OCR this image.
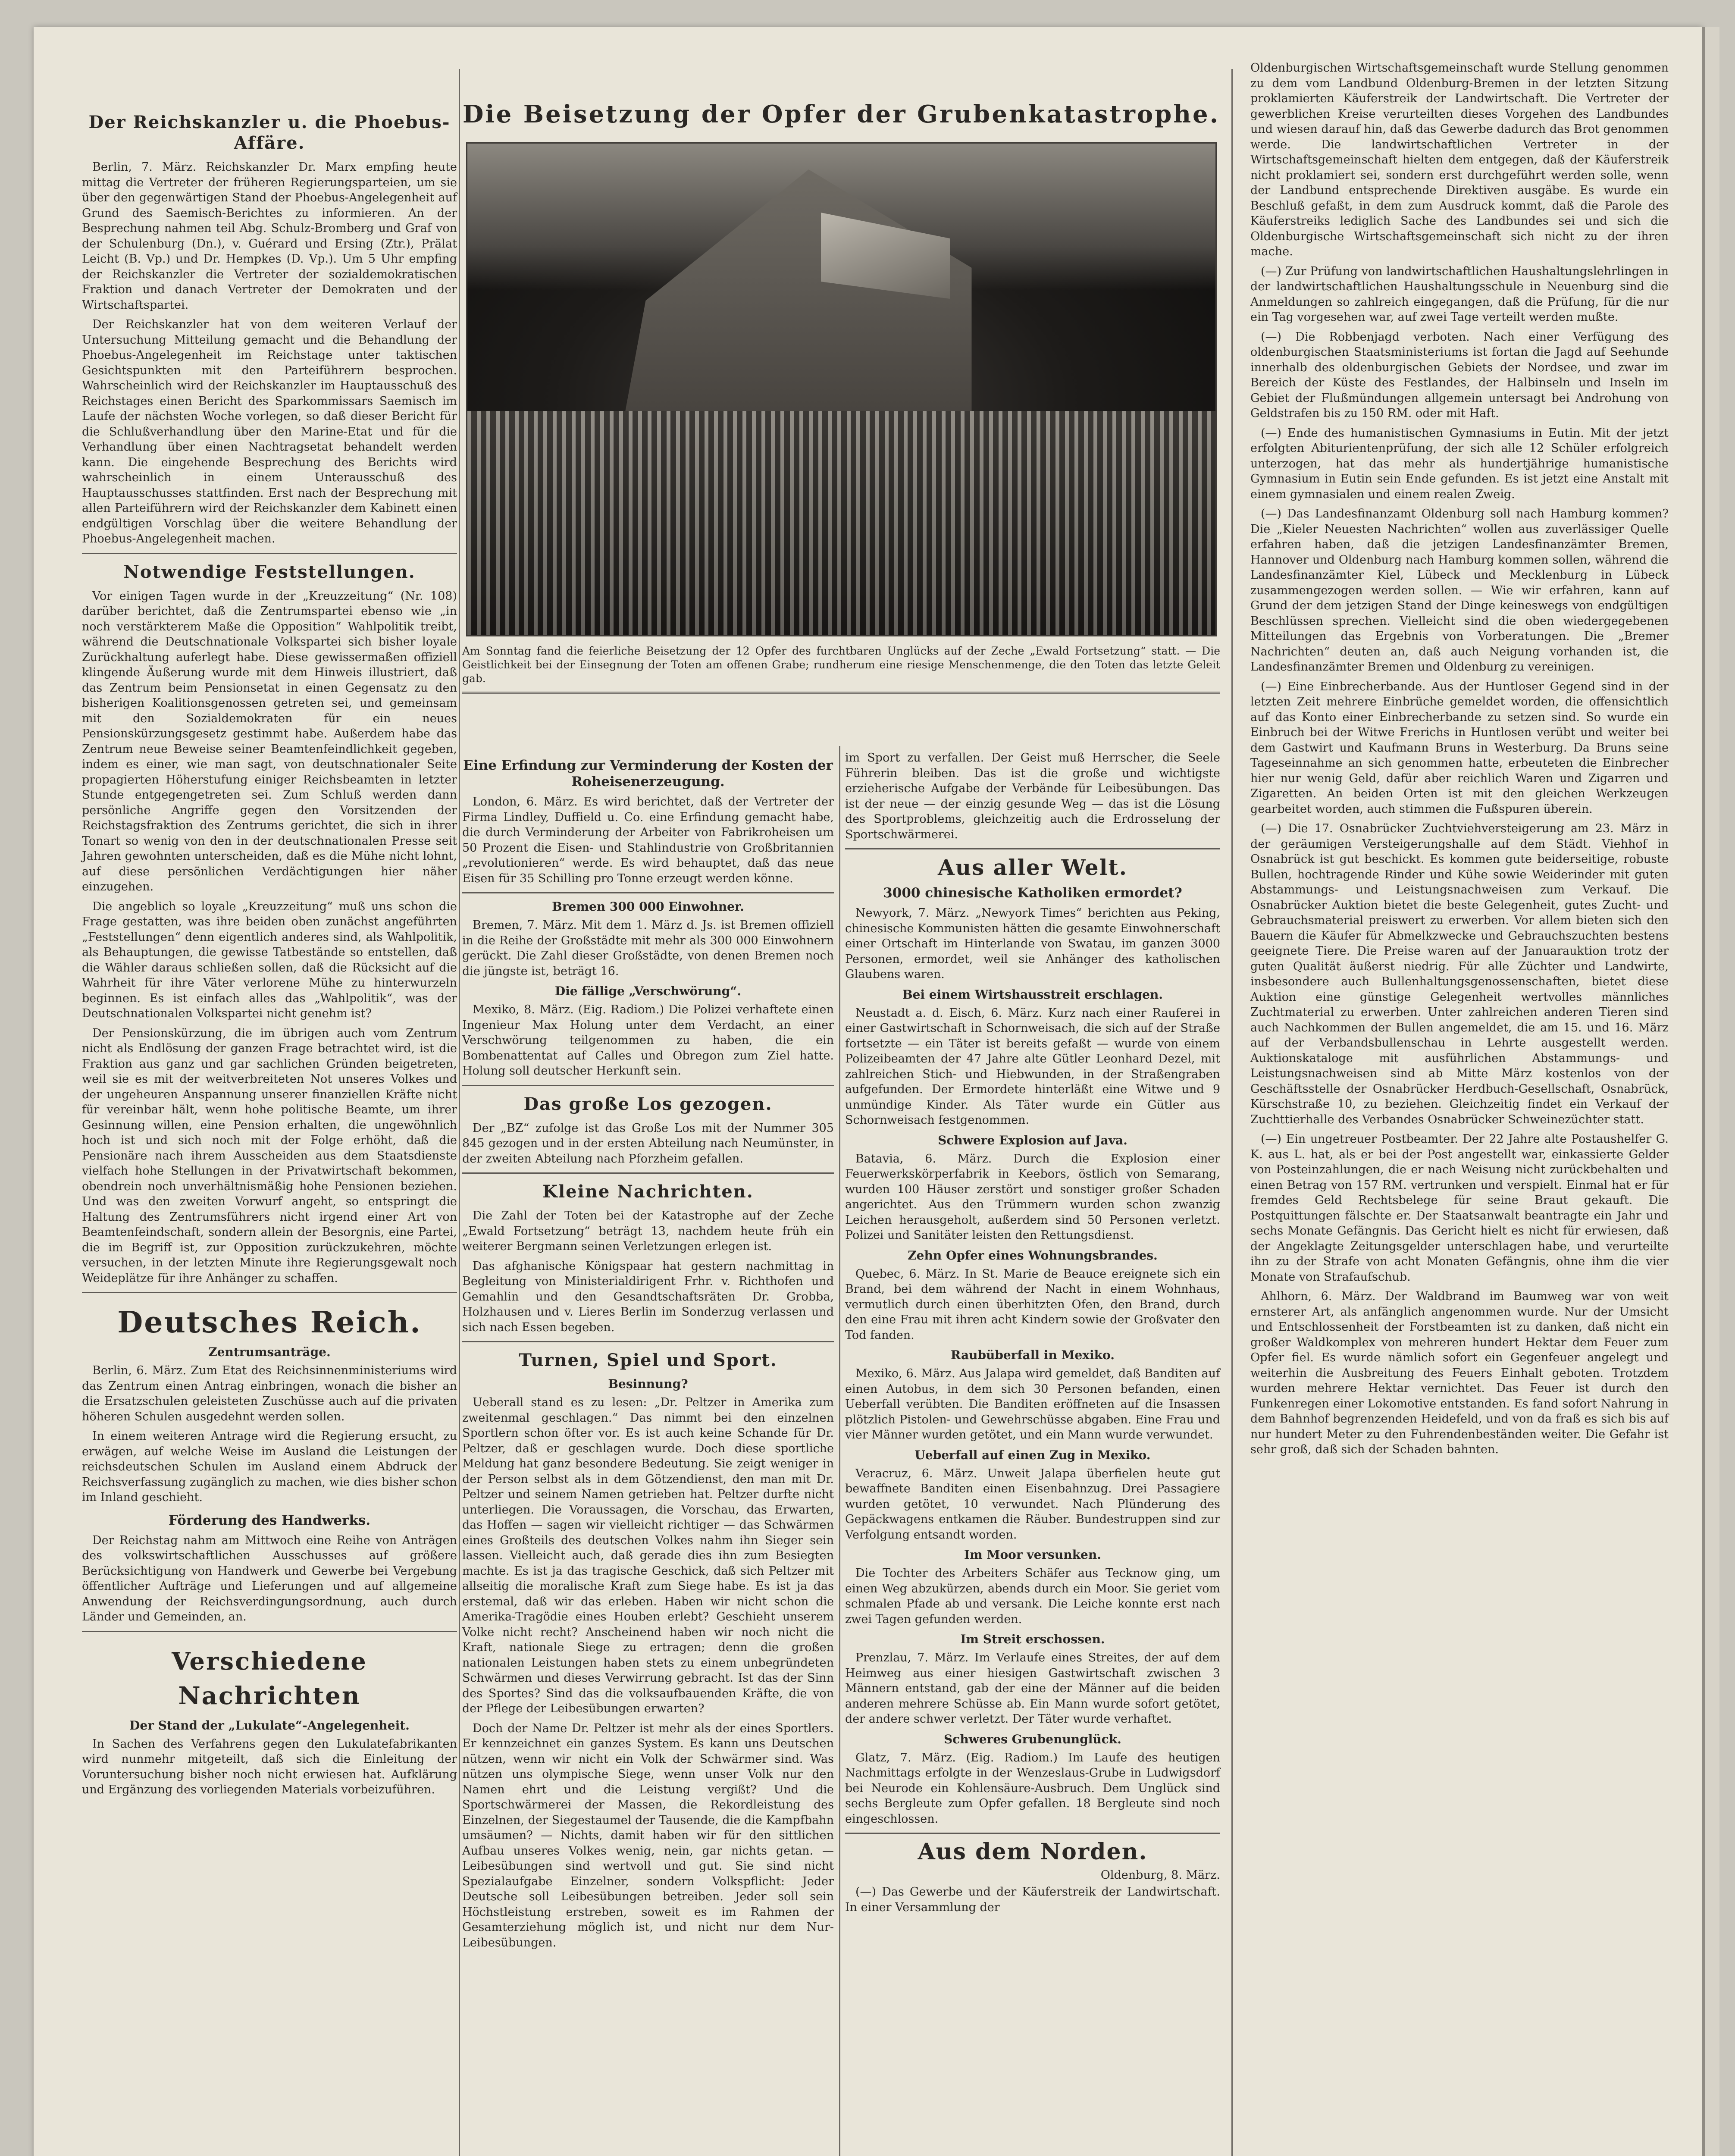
Der Reichskanzler u. die Phoebus-Affäre.

Berlin, 7. März. Reichskanzler Dr. Marx empfing heute mittag die Vertreter der früheren Regierungsparteien, um sie über den gegenwärtigen Stand der Phoebus-Angelegenheit auf Grund des Saemisch-Berichtes zu informieren. An der Besprechung nahmen teil Abg. Schulz-Bromberg und Graf von der Schulenburg (Dn.), v. Guérard und Ersing (Ztr.), Prälat Leicht (B. Vp.) und Dr. Hempkes (D. Vp.). Um 5 Uhr empfing der Reichskanzler die Vertreter der sozialdemokratischen Fraktion und danach Vertreter der Demokraten und der Wirtschaftspartei.

Der Reichskanzler hat von dem weiteren Verlauf der Untersuchung Mitteilung gemacht und die Behandlung der Phoebus-Angelegenheit im Reichstage unter taktischen Gesichtspunkten mit den Parteiführern besprochen. Wahrscheinlich wird der Reichskanzler im Hauptausschuß des Reichstages einen Bericht des Sparkommissars Saemisch im Laufe der nächsten Woche vorlegen, so daß dieser Bericht für die Schlußverhandlung über den Marine-Etat und für die Verhandlung über einen Nachtragsetat behandelt werden kann. Die eingehende Besprechung des Berichts wird wahrscheinlich in einem Unterausschuß des Hauptausschusses stattfinden. Erst nach der Besprechung mit allen Parteiführern wird der Reichskanzler dem Kabinett einen endgültigen Vorschlag über die weitere Behandlung der Phoebus-Angelegenheit machen.

Notwendige Feststellungen.

Vor einigen Tagen wurde in der „Kreuzzeitung“ (Nr. 108) darüber berichtet, daß die Zentrumspartei ebenso wie „in noch verstärkterem Maße die Opposition“ Wahlpolitik treibt, während die Deutschnationale Volkspartei sich bisher loyale Zurückhaltung auferlegt habe. Diese gewissermaßen offiziell klingende Äußerung wurde mit dem Hinweis illustriert, daß das Zentrum beim Pensionsetat in einen Gegensatz zu den bisherigen Koalitionsgenossen getreten sei, und gemeinsam mit den Sozialdemokraten für ein neues Pensionskürzungsgesetz gestimmt habe. Außerdem habe das Zentrum neue Beweise seiner Beamtenfeindlichkeit gegeben, indem es einer, wie man sagt, von deutschnationaler Seite propagierten Höherstufung einiger Reichsbeamten in letzter Stunde entgegengetreten sei. Zum Schluß werden dann persönliche Angriffe gegen den Vorsitzenden der Reichstagsfraktion des Zentrums gerichtet, die sich in ihrer Tonart so wenig von den in der deutschnationalen Presse seit Jahren gewohnten unterscheiden, daß es die Mühe nicht lohnt, auf diese persönlichen Verdächtigungen hier näher einzugehen.

Die angeblich so loyale „Kreuzzeitung“ muß uns schon die Frage gestatten, was ihre beiden oben zunächst angeführten „Feststellungen“ denn eigentlich anderes sind, als Wahlpolitik, als Behauptungen, die gewisse Tatbestände so entstellen, daß die Wähler daraus schließen sollen, daß die Rücksicht auf die Wahrheit für ihre Väter verlorene Mühe zu hinterwurzeln beginnen. Es ist einfach alles das „Wahlpolitik“, was der Deutschnationalen Volkspartei nicht genehm ist?

Der Pensionskürzung, die im übrigen auch vom Zentrum nicht als Endlösung der ganzen Frage betrachtet wird, ist die Fraktion aus ganz und gar sachlichen Gründen beigetreten, weil sie es mit der weitverbreiteten Not unseres Volkes und der ungeheuren Anspannung unserer finanziellen Kräfte nicht für vereinbar hält, wenn hohe politische Beamte, um ihrer Gesinnung willen, eine Pension erhalten, die ungewöhnlich hoch ist und sich noch mit der Folge erhöht, daß die Pensionäre nach ihrem Ausscheiden aus dem Staatsdienste vielfach hohe Stellungen in der Privatwirtschaft bekommen, obendrein noch unverhältnismäßig hohe Pensionen beziehen. Und was den zweiten Vorwurf angeht, so entspringt die Haltung des Zentrumsführers nicht irgend einer Art von Beamtenfeindschaft, sondern allein der Besorgnis, eine Partei, die im Begriff ist, zur Opposition zurückzukehren, möchte versuchen, in der letzten Minute ihre Regierungsgewalt noch Weideplätze für ihre Anhänger zu schaffen.

Deutsches Reich.
Zentrumsanträge.

Berlin, 6. März. Zum Etat des Reichsinnenministeriums wird das Zentrum einen Antrag einbringen, wonach die bisher an die Ersatzschulen geleisteten Zuschüsse auch auf die privaten höheren Schulen ausgedehnt werden sollen.

In einem weiteren Antrage wird die Regierung ersucht, zu erwägen, auf welche Weise im Ausland die Leistungen der reichsdeutschen Schulen im Ausland einem Abdruck der Reichsverfassung zugänglich zu machen, wie dies bisher schon im Inland geschieht.

Förderung des Handwerks.

Der Reichstag nahm am Mittwoch eine Reihe von Anträgen des volkswirtschaftlichen Ausschusses auf größere Berücksichtigung von Handwerk und Gewerbe bei Vergebung öffentlicher Aufträge und Lieferungen und auf allgemeine Anwendung der Reichsverdingungsordnung, auch durch Länder und Gemeinden, an.

Verschiedene Nachrichten
Der Stand der „Lukulate“-Angelegenheit.

In Sachen des Verfahrens gegen den Lukulatefabrikanten wird nunmehr mitgeteilt, daß sich die Einleitung der Voruntersuchung bisher noch nicht erwiesen hat. Aufklärung und Ergänzung des vorliegenden Materials vorbeizuführen.

Die Beisetzung der Opfer der Grubenkatastrophe.
Am Sonntag fand die feierliche Beisetzung der 12 Opfer des furchtbaren Unglücks auf der Zeche „Ewald Fortsetzung“ statt. — Die Geistlichkeit bei der Einsegnung der Toten am offenen Grabe; rundherum eine riesige Menschenmenge, die den Toten das letzte Geleit gab.
Eine Erfindung zur Verminderung der Kosten der Roheisenerzeugung.

London, 6. März. Es wird berichtet, daß der Vertreter der Firma Lindley, Duffield u. Co. eine Erfindung gemacht habe, die durch Verminderung der Arbeiter von Fabrikroheisen um 50 Prozent die Eisen- und Stahlindustrie von Großbritannien „revolutionieren“ werde. Es wird behauptet, daß das neue Eisen für 35 Schilling pro Tonne erzeugt werden könne.

Bremen 300 000 Einwohner.

Bremen, 7. März. Mit dem 1. März d. Js. ist Bremen offiziell in die Reihe der Großstädte mit mehr als 300 000 Einwohnern gerückt. Die Zahl dieser Großstädte, von denen Bremen noch die jüngste ist, beträgt 16.

Die fällige „Verschwörung“.

Mexiko, 8. März. (Eig. Radiom.) Die Polizei verhaftete einen Ingenieur Max Holung unter dem Verdacht, an einer Verschwörung teilgenommen zu haben, die ein Bombenattentat auf Calles und Obregon zum Ziel hatte. Holung soll deutscher Herkunft sein.

Das große Los gezogen.

Der „BZ“ zufolge ist das Große Los mit der Nummer 305 845 gezogen und in der ersten Abteilung nach Neumünster, in der zweiten Abteilung nach Pforzheim gefallen.

Kleine Nachrichten.

Die Zahl der Toten bei der Katastrophe auf der Zeche „Ewald Fortsetzung“ beträgt 13, nachdem heute früh ein weiterer Bergmann seinen Verletzungen erlegen ist.

Das afghanische Königspaar hat gestern nachmittag in Begleitung von Ministerialdirigent Frhr. v. Richthofen und Gemahlin und den Gesandtschaftsräten Dr. Grobba, Holzhausen und v. Lieres Berlin im Sonderzug verlassen und sich nach Essen begeben.

Turnen, Spiel und Sport.
Besinnung?

Ueberall stand es zu lesen: „Dr. Peltzer in Amerika zum zweitenmal geschlagen.“ Das nimmt bei den einzelnen Sportlern schon öfter vor. Es ist auch keine Schande für Dr. Peltzer, daß er geschlagen wurde. Doch diese sportliche Meldung hat ganz besondere Bedeutung. Sie zeigt weniger in der Person selbst als in dem Götzendienst, den man mit Dr. Peltzer und seinem Namen getrieben hat. Peltzer durfte nicht unterliegen. Die Voraussagen, die Vorschau, das Erwarten, das Hoffen — sagen wir vielleicht richtiger — das Schwärmen eines Großteils des deutschen Volkes nahm ihn Sieger sein lassen. Vielleicht auch, daß gerade dies ihn zum Besiegten machte. Es ist ja das tragische Geschick, daß sich Peltzer mit allseitig die moralische Kraft zum Siege habe. Es ist ja das erstemal, daß wir das erleben. Haben wir nicht schon die Amerika-Tragödie eines Houben erlebt? Geschieht unserem Volke nicht recht? Anscheinend haben wir noch nicht die Kraft, nationale Siege zu ertragen; denn die großen nationalen Leistungen haben stets zu einem unbegründeten Schwärmen und dieses Verwirrung gebracht. Ist das der Sinn des Sportes? Sind das die volksaufbauenden Kräfte, die von der Pflege der Leibesübungen erwarten?

Doch der Name Dr. Peltzer ist mehr als der eines Sportlers. Er kennzeichnet ein ganzes System. Es kann uns Deutschen nützen, wenn wir nicht ein Volk der Schwärmer sind. Was nützen uns olympische Siege, wenn unser Volk nur den Namen ehrt und die Leistung vergißt? Und die Sportschwärmerei der Massen, die Rekordleistung des Einzelnen, der Siegestaumel der Tausende, die die Kampfbahn umsäumen? — Nichts, damit haben wir für den sittlichen Aufbau unseres Volkes wenig, nein, gar nichts getan. — Leibesübungen sind wertvoll und gut. Sie sind nicht Spezialaufgabe Einzelner, sondern Volkspflicht: Jeder Deutsche soll Leibesübungen betreiben. Jeder soll sein Höchstleistung erstreben, soweit es im Rahmen der Gesamterziehung möglich ist, und nicht nur dem Nur-Leibesübungen.

im Sport zu verfallen. Der Geist muß Herrscher, die Seele Führerin bleiben. Das ist die große und wichtigste erzieherische Aufgabe der Verbände für Leibesübungen. Das ist der neue — der einzig gesunde Weg — das ist die Lösung des Sportproblems, gleichzeitig auch die Erdrosselung der Sportschwärmerei.

Aus aller Welt.
3000 chinesische Katholiken ermordet?

Newyork, 7. März. „Newyork Times“ berichten aus Peking, chinesische Kommunisten hätten die gesamte Einwohnerschaft einer Ortschaft im Hinterlande von Swatau, im ganzen 3000 Personen, ermordet, weil sie Anhänger des katholischen Glaubens waren.

Bei einem Wirtshausstreit erschlagen.

Neustadt a. d. Eisch, 6. März. Kurz nach einer Rauferei in einer Gastwirtschaft in Schornweisach, die sich auf der Straße fortsetzte — ein Täter ist bereits gefaßt — wurde von einem Polizeibeamten der 47 Jahre alte Gütler Leonhard Dezel, mit zahlreichen Stich- und Hiebwunden, in der Straßengraben aufgefunden. Der Ermordete hinterläßt eine Witwe und 9 unmündige Kinder. Als Täter wurde ein Gütler aus Schornweisach festgenommen.

Schwere Explosion auf Java.

Batavia, 6. März. Durch die Explosion einer Feuerwerkskörperfabrik in Keebors, östlich von Semarang, wurden 100 Häuser zerstört und sonstiger großer Schaden angerichtet. Aus den Trümmern wurden schon zwanzig Leichen herausgeholt, außerdem sind 50 Personen verletzt. Polizei und Sanitäter leisten den Rettungsdienst.

Zehn Opfer eines Wohnungsbrandes.

Quebec, 6. März. In St. Marie de Beauce ereignete sich ein Brand, bei dem während der Nacht in einem Wohnhaus, vermutlich durch einen überhitzten Ofen, den Brand, durch den eine Frau mit ihren acht Kindern sowie der Großvater den Tod fanden.

Raubüberfall in Mexiko.

Mexiko, 6. März. Aus Jalapa wird gemeldet, daß Banditen auf einen Autobus, in dem sich 30 Personen befanden, einen Ueberfall verübten. Die Banditen eröffneten auf die Insassen plötzlich Pistolen- und Gewehrschüsse abgaben. Eine Frau und vier Männer wurden getötet, und ein Mann wurde verwundet.

Ueberfall auf einen Zug in Mexiko.

Veracruz, 6. März. Unweit Jalapa überfielen heute gut bewaffnete Banditen einen Eisenbahnzug. Drei Passagiere wurden getötet, 10 verwundet. Nach Plünderung des Gepäckwagens entkamen die Räuber. Bundestruppen sind zur Verfolgung entsandt worden.

Im Moor versunken.

Die Tochter des Arbeiters Schäfer aus Tecknow ging, um einen Weg abzukürzen, abends durch ein Moor. Sie geriet vom schmalen Pfade ab und versank. Die Leiche konnte erst nach zwei Tagen gefunden werden.

Im Streit erschossen.

Prenzlau, 7. März. Im Verlaufe eines Streites, der auf dem Heimweg aus einer hiesigen Gastwirtschaft zwischen 3 Männern entstand, gab der eine der Männer auf die beiden anderen mehrere Schüsse ab. Ein Mann wurde sofort getötet, der andere schwer verletzt. Der Täter wurde verhaftet.

Schweres Grubenunglück.

Glatz, 7. März. (Eig. Radiom.) Im Laufe des heutigen Nachmittags erfolgte in der Wenzeslaus-Grube in Ludwigsdorf bei Neurode ein Kohlensäure-Ausbruch. Dem Unglück sind sechs Bergleute zum Opfer gefallen. 18 Bergleute sind noch eingeschlossen.

Aus dem Norden.
Oldenburg, 8. März.

(—) Das Gewerbe und der Käuferstreik der Landwirtschaft. In einer Versammlung der

Oldenburgischen Wirtschaftsgemeinschaft wurde Stellung genommen zu dem vom Landbund Oldenburg-Bremen in der letzten Sitzung proklamierten Käuferstreik der Landwirtschaft. Die Vertreter der gewerblichen Kreise verurteilten dieses Vorgehen des Landbundes und wiesen darauf hin, daß das Gewerbe dadurch das Brot genommen werde. Die landwirtschaftlichen Vertreter in der Wirtschaftsgemeinschaft hielten dem entgegen, daß der Käuferstreik nicht proklamiert sei, sondern erst durchgeführt werden solle, wenn der Landbund entsprechende Direktiven ausgäbe. Es wurde ein Beschluß gefaßt, in dem zum Ausdruck kommt, daß die Parole des Käuferstreiks lediglich Sache des Landbundes sei und sich die Oldenburgische Wirtschaftsgemeinschaft sich nicht zu der ihren mache.

(—) Zur Prüfung von landwirtschaftlichen Haushaltungslehrlingen in der landwirtschaftlichen Haushaltungsschule in Neuenburg sind die Anmeldungen so zahlreich eingegangen, daß die Prüfung, für die nur ein Tag vorgesehen war, auf zwei Tage verteilt werden mußte.

(—) Die Robbenjagd verboten. Nach einer Verfügung des oldenburgischen Staatsministeriums ist fortan die Jagd auf Seehunde innerhalb des oldenburgischen Gebiets der Nordsee, und zwar im Bereich der Küste des Festlandes, der Halbinseln und Inseln im Gebiet der Flußmündungen allgemein untersagt bei Androhung von Geldstrafen bis zu 150 RM. oder mit Haft.

(—) Ende des humanistischen Gymnasiums in Eutin. Mit der jetzt erfolgten Abiturientenprüfung, der sich alle 12 Schüler erfolgreich unterzogen, hat das mehr als hundertjährige humanistische Gymnasium in Eutin sein Ende gefunden. Es ist jetzt eine Anstalt mit einem gymnasialen und einem realen Zweig.

(—) Das Landesfinanzamt Oldenburg soll nach Hamburg kommen? Die „Kieler Neuesten Nachrichten“ wollen aus zuverlässiger Quelle erfahren haben, daß die jetzigen Landesfinanzämter Bremen, Hannover und Oldenburg nach Hamburg kommen sollen, während die Landesfinanzämter Kiel, Lübeck und Mecklenburg in Lübeck zusammengezogen werden sollen. — Wie wir erfahren, kann auf Grund der dem jetzigen Stand der Dinge keineswegs von endgültigen Beschlüssen sprechen. Vielleicht sind die oben wiedergegebenen Mitteilungen das Ergebnis von Vorberatungen. Die „Bremer Nachrichten“ deuten an, daß auch Neigung vorhanden ist, die Landesfinanzämter Bremen und Oldenburg zu vereinigen.

(—) Eine Einbrecherbande. Aus der Huntloser Gegend sind in der letzten Zeit mehrere Einbrüche gemeldet worden, die offensichtlich auf das Konto einer Einbrecherbande zu setzen sind. So wurde ein Einbruch bei der Witwe Frerichs in Huntlosen verübt und weiter bei dem Gastwirt und Kaufmann Bruns in Westerburg. Da Bruns seine Tageseinnahme an sich genommen hatte, erbeuteten die Einbrecher hier nur wenig Geld, dafür aber reichlich Waren und Zigarren und Zigaretten. An beiden Orten ist mit den gleichen Werkzeugen gearbeitet worden, auch stimmen die Fußspuren überein.

(—) Die 17. Osnabrücker Zuchtviehversteigerung am 23. März in der geräumigen Versteigerungshalle auf dem Städt. Viehhof in Osnabrück ist gut beschickt. Es kommen gute beiderseitige, robuste Bullen, hochtragende Rinder und Kühe sowie Weiderinder mit guten Abstammungs- und Leistungsnachweisen zum Verkauf. Die Osnabrücker Auktion bietet die beste Gelegenheit, gutes Zucht- und Gebrauchsmaterial preiswert zu erwerben. Vor allem bieten sich den Bauern die Käufer für Abmelkzwecke und Gebrauchszuchten bestens geeignete Tiere. Die Preise waren auf der Januarauktion trotz der guten Qualität äußerst niedrig. Für alle Züchter und Landwirte, insbesondere auch Bullenhaltungsgenossenschaften, bietet diese Auktion eine günstige Gelegenheit wertvolles männliches Zuchtmaterial zu erwerben. Unter zahlreichen anderen Tieren sind auch Nachkommen der Bullen angemeldet, die am 15. und 16. März auf der Verbandsbullenschau in Lehrte ausgestellt werden. Auktionskataloge mit ausführlichen Abstammungs- und Leistungsnachweisen sind ab Mitte März kostenlos von der Geschäftsstelle der Osnabrücker Herdbuch-Gesellschaft, Osnabrück, Kürschstraße 10, zu beziehen. Gleichzeitig findet ein Verkauf der Zuchttierhalle des Verbandes Osnabrücker Schweinezüchter statt.

(—) Ein ungetreuer Postbeamter. Der 22 Jahre alte Postaushelfer G. K. aus L. hat, als er bei der Post angestellt war, einkassierte Gelder von Posteinzahlungen, die er nach Weisung nicht zurückbehalten und einen Betrag von 157 RM. vertrunken und verspielt. Einmal hat er für fremdes Geld Rechtsbelege für seine Braut gekauft. Die Postquittungen fälschte er. Der Staatsanwalt beantragte ein Jahr und sechs Monate Gefängnis. Das Gericht hielt es nicht für erwiesen, daß der Angeklagte Zeitungsgelder unterschlagen habe, und verurteilte ihn zu der Strafe von acht Monaten Gefängnis, ohne ihm die vier Monate von Strafaufschub.

Ahlhorn, 6. März. Der Waldbrand im Baumweg war von weit ernsterer Art, als anfänglich angenommen wurde. Nur der Umsicht und Entschlossenheit der Forstbeamten ist zu danken, daß nicht ein großer Waldkomplex von mehreren hundert Hektar dem Feuer zum Opfer fiel. Es wurde nämlich sofort ein Gegenfeuer angelegt und weiterhin die Ausbreitung des Feuers Einhalt geboten. Trotzdem wurden mehrere Hektar vernichtet. Das Feuer ist durch den Funkenregen einer Lokomotive entstanden. Es fand sofort Nahrung in dem Bahnhof begrenzenden Heidefeld, und von da fraß es sich bis auf nur hundert Meter zu den Fuhrendenbeständen weiter. Die Gefahr ist sehr groß, daß sich der Schaden bahnten.
